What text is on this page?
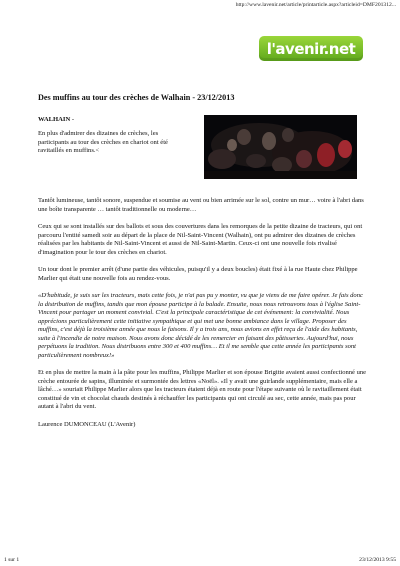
http://www.lavenir.net/article/printarticle.aspx?articleid=DMF201312...
l'avenir.net
Des muffins au tour des crèches de Walhain - 23/12/2013
WALHAIN -

En plus d'admirer des dizaines de crèches, les participants au tour des crèches en chariot ont été ravitaillés en muffins.<

Tantôt lumineuse, tantôt sonore, suspendue et soumise au vent ou bien arrimée sur le sol, contre un mur… voire à l'abri dans une boîte transparente … tantôt traditionnelle ou moderne…

Ceux qui se sont installés sur des ballots et sous des couvertures dans les remorques de la petite dizaine de tracteurs, qui ont parcouru l'entité samedi soir au départ de la place de Nil-Saint-Vincent (Walhain), ont pu admirer des dizaines de crèches réalisées par les habitants de Nil-Saint-Vincent et aussi de Nil-Saint-Martin. Ceux-ci ont une nouvelle fois rivalisé d'imagination pour le tour des crèches en chariot.

Un tour dont le premier arrêt (d'une partie des véhicules, puisqu'il y a deux boucles) était fixé à la rue Haute chez Philippe Marlier qui était une nouvelle fois au rendez-vous.

«D'habitude, je suis sur les tracteurs, mais cette fois, je n'ai pas pu y monter, vu que je viens de me faire opérer. Je fais donc la distribution de muffins, tandis que mon épouse participe à la balade. Ensuite, nous nous retrouvons tous à l'église Saint-Vincent pour partager un moment convivial. C'est la principale caractéristique de cet événement: la convivialité. Nous apprécions particulièrement cette initiative sympathique et qui met une bonne ambiance dans le village. Proposer des muffins, c'est déjà la troisième année que nous le faisons. Il y a trois ans, nous avions en effet reçu de l'aide des habitants, suite à l'incendie de notre maison. Nous avons donc décidé de les remercier en faisant des pâtisseries. Aujourd'hui, nous perpétuons la tradition. Nous distribuons entre 300 et 400 muffins… Et il me semble que cette année les participants sont particulièrement nombreux!»

Et en plus de mettre la main à la pâte pour les muffins, Philippe Marlier et son épouse Brigitte avaient aussi confectionné une crèche entourée de sapins, illuminée et surmontée des lettres «Noël». «Il y avait une guirlande supplémentaire, mais elle a lâché…» souriait Philippe Marlier alors que les tracteurs étaient déjà en route pour l'étape suivante où le ravitaillement était constitué de vin et chocolat chauds destinés à réchauffer les participants qui ont circulé au sec, cette année, mais pas pour autant à l'abri du vent.

Laurence DUMONCEAU (L'Avenir)

1 sur 1	23/12/2013 9:55
